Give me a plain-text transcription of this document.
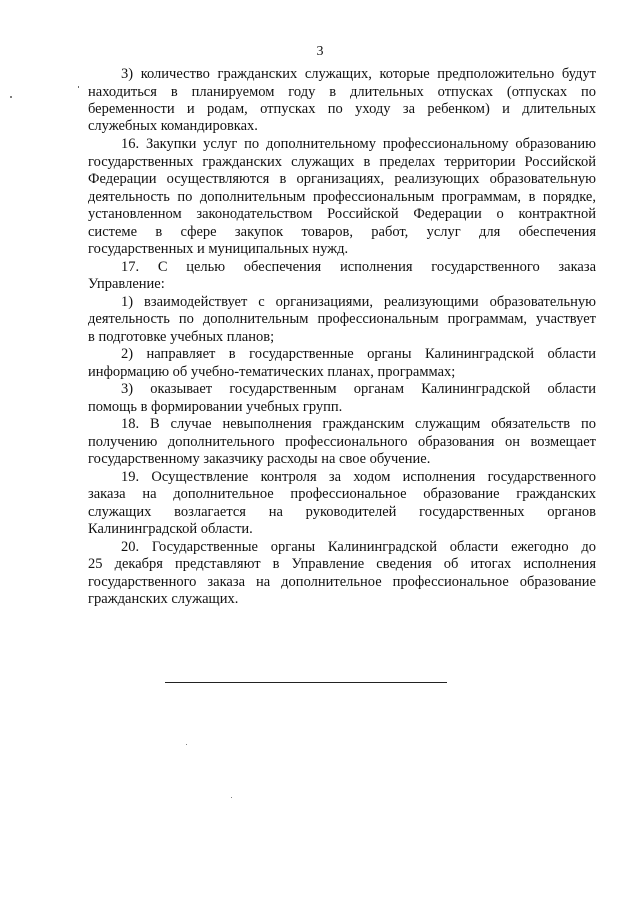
3
3) количество гражданских служащих, которые предположительно будут
находиться в планируемом году в длительных отпусках (отпусках по
беременности и родам, отпусках по уходу за ребенком) и длительных
служебных командировках.
16. Закупки услуг по дополнительному профессиональному образованию
государственных гражданских служащих в пределах территории Российской
Федерации осуществляются в организациях, реализующих образовательную
деятельность по дополнительным профессиональным программам, в порядке,
установленном законодательством Российской Федерации о контрактной
системе в сфере закупок товаров, работ, услуг для обеспечения
государственных и муниципальных нужд.
17. С целью обеспечения исполнения государственного заказа
Управление:
1) взаимодействует с организациями, реализующими образовательную
деятельность по дополнительным профессиональным программам, участвует
в подготовке учебных планов;
2) направляет в государственные органы Калининградской области
информацию об учебно-тематических планах, программах;
3) оказывает государственным органам Калининградской области
помощь в формировании учебных групп.
18. В случае невыполнения гражданским служащим обязательств по
получению дополнительного профессионального образования он возмещает
государственному заказчику расходы на свое обучение.
19. Осуществление контроля за ходом исполнения государственного
заказа на дополнительное профессиональное образование гражданских
служащих возлагается на руководителей государственных органов
Калининградской области.
20. Государственные органы Калининградской области ежегодно до
25 декабря представляют в Управление сведения об итогах исполнения
государственного заказа на дополнительное профессиональное образование
гражданских служащих.
